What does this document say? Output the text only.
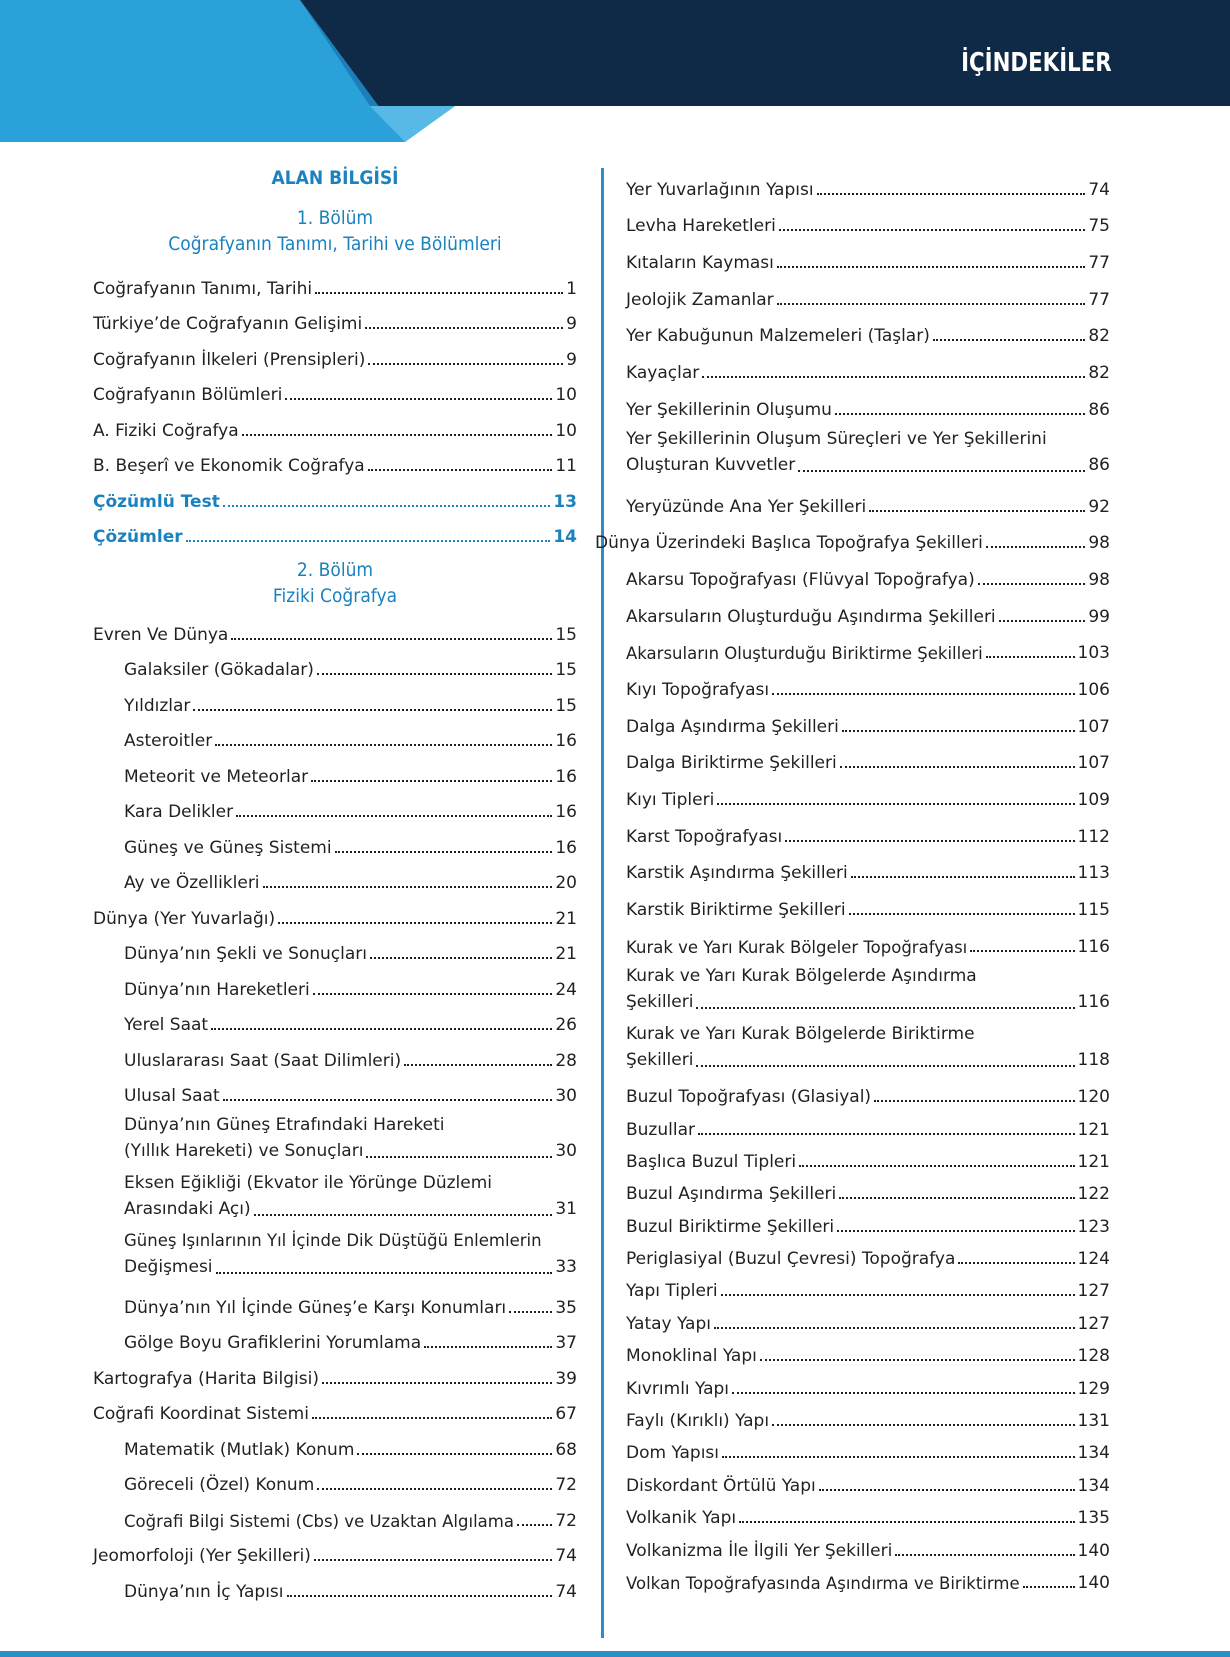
İÇİNDEKİLER
ALAN BİLGİSİ
1. Bölüm
Coğrafyanın Tanımı, Tarihi ve Bölümleri
Coğrafyanın Tanımı, Tarihi	1
Türkiye’de Coğrafyanın Gelişimi	9
Coğrafyanın İlkeleri (Prensipleri)	9
Coğrafyanın Bölümleri	10
A. Fiziki Coğrafya	10
B. Beşerî ve Ekonomik Coğrafya	11
Çözümlü Test	13
Çözümler	14
2. Bölüm
Fiziki Coğrafya
Evren Ve Dünya	15
Galaksiler (Gökadalar)	15
Yıldızlar	15
Asteroitler	16
Meteorit ve Meteorlar	16
Kara Delikler	16
Güneş ve Güneş Sistemi	16
Ay ve Özellikleri	20
Dünya (Yer Yuvarlağı)	21
Dünya’nın Şekli ve Sonuçları	21
Dünya’nın Hareketleri	24
Yerel Saat	26
Uluslararası Saat (Saat Dilimleri)	28
Ulusal Saat	30
Dünya’nın Güneş Etrafındaki Hareketi
(Yıllık Hareketi) ve Sonuçları	30
Eksen Eğikliği (Ekvator ile Yörünge Düzlemi
Arasındaki Açı)	31
Güneş Işınlarının Yıl İçinde Dik Düştüğü Enlemlerin
Değişmesi	33
Dünya’nın Yıl İçinde Güneş’e Karşı Konumları	35
Gölge Boyu Grafiklerini Yorumlama	37
Kartografya (Harita Bilgisi)	39
Coğrafi Koordinat Sistemi	67
Matematik (Mutlak) Konum	68
Göreceli (Özel) Konum	72
Coğrafi Bilgi Sistemi (Cbs) ve Uzaktan Algılama 72
Jeomorfoloji (Yer Şekilleri)	74
Dünya’nın İç Yapısı	74
Yer Yuvarlağının Yapısı	74
Levha Hareketleri	75
Kıtaların Kayması	77
Jeolojik Zamanlar	77
Yer Kabuğunun Malzemeleri (Taşlar)	82
Kayaçlar	82
Yer Şekillerinin Oluşumu	86
Yer Şekillerinin Oluşum Süreçleri ve Yer Şekillerini
Oluşturan Kuvvetler	86
Yeryüzünde Ana Yer Şekilleri	92
Dünya Üzerindeki Başlıca Topoğrafya Şekilleri	98
Akarsu Topoğrafyası (Flüvyal Topoğrafya)	98
Akarsuların Oluşturduğu Aşındırma Şekilleri	99
Akarsuların Oluşturduğu Biriktirme Şekilleri	103
Kıyı Topoğrafyası	106
Dalga Aşındırma Şekilleri	107
Dalga Biriktirme Şekilleri	107
Kıyı Tipleri	109
Karst Topoğrafyası	112
Karstik Aşındırma Şekilleri	113
Karstik Biriktirme Şekilleri	115
Kurak ve Yarı Kurak Bölgeler Topoğrafyası	116
Kurak ve Yarı Kurak Bölgelerde Aşındırma
Şekilleri	116
Kurak ve Yarı Kurak Bölgelerde Biriktirme
Şekilleri	118
Buzul Topoğrafyası (Glasiyal)	120
Buzullar	121
Başlıca Buzul Tipleri	121
Buzul Aşındırma Şekilleri	122
Buzul Biriktirme Şekilleri	123
Periglasiyal (Buzul Çevresi) Topoğrafya	124
Yapı Tipleri	127
Yatay Yapı	127
Monoklinal Yapı	128
Kıvrımlı Yapı	129
Faylı (Kırıklı) Yapı	131
Dom Yapısı	134
Diskordant Örtülü Yapı	134
Volkanik Yapı	135
Volkanizma İle İlgili Yer Şekilleri	140
Volkan Topoğrafyasında Aşındırma ve Biriktirme	140
